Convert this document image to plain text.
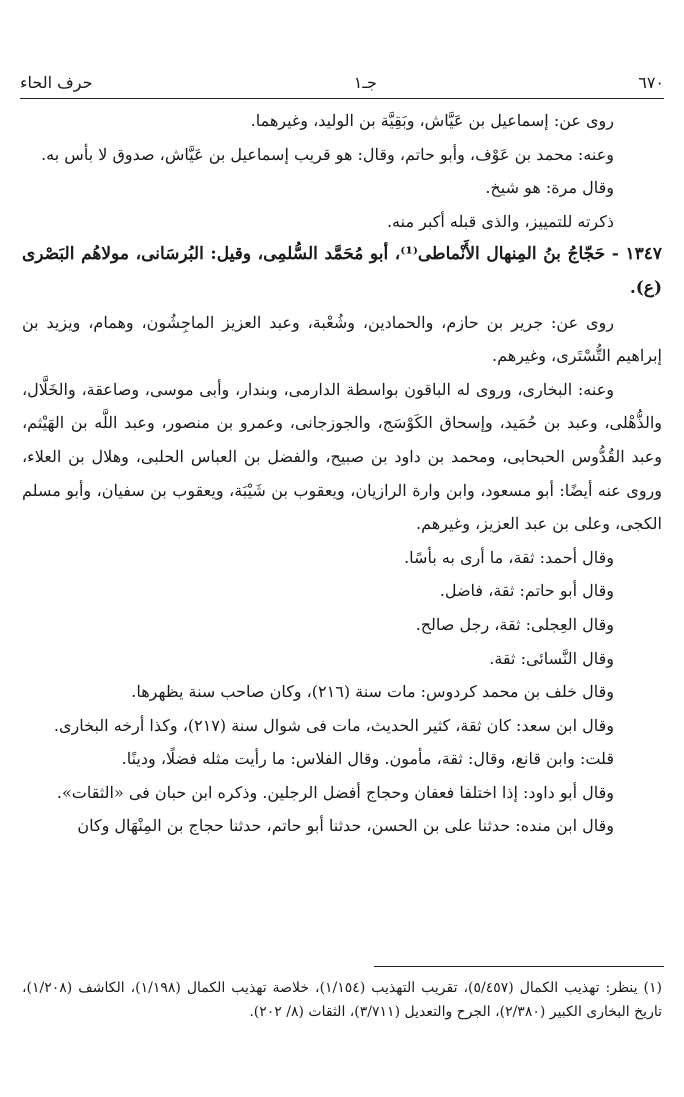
٦٧٠
جـ١
حرف الحاء

روى عن: إسماعيل بن عَيَّاش، وبَقِيَّة بن الوليد، وغيرهما.

وعنه: محمد بن عَوْف، وأبو حاتم، وقال: هو قريب إسماعيل بن عَيَّاش، صدوق لا بأس به.

وقال مرة: هو شيخ.

ذكرته للتمييز، والذى قبله أكبر منه.

١٣٤٧ - حَجّاجُ بنُ المِنهال الأَنْماطى⁽¹⁾، أبو مُحَمَّد السُّلمِى، وقيل: البُرسَانى، مولاهُم البَصْرى (ع).

روى عن: جرير بن حازم، والحمادين، وشُعْبة، وعبد العزيز الماجِشُون، وهمام، ويزيد بن إبراهيم التُّسْتَرى، وغيرهم.

وعنه: البخارى، وروى له الباقون بواسطة الدارمى، وبندار، وأبى موسى، وصاعقة، والخَلَّال، والذُّهْلى، وعبد بن حُمَيد، وإسحاق الكَوْسَج، والجوزجانى، وعمرو بن منصور، وعبد اللَّه بن الهَيْثم، وعبد القُدُّوس الحبحابى، ومحمد بن داود بن صبيح، والفضل بن العباس الحلبى، وهلال بن العلاء، وروى عنه أيضًا: أبو مسعود، وابن وارة الرازيان، ويعقوب بن شَيْبَة، ويعقوب بن سفيان، وأبو مسلم الكجى، وعلى بن عبد العزيز، وغيرهم.

وقال أحمد: ثقة، ما أرى به بأسًا.

وقال أبو حاتم: ثقة، فاضل.

وقال العِجلى: ثقة، رجل صالح.

وقال النَّسائى: ثقة.

وقال خلف بن محمد كردوس: مات سنة (٢١٦)، وكان صاحب سنة يظهرها.

وقال ابن سعد: كان ثقة، كثير الحديث، مات فى شوال سنة (٢١٧)، وكذا أرخه البخارى.

قلت: وابن قانع، وقال: ثقة، مأمون. وقال الفلاس: ما رأيت مثله فضلًا، ودينًا.

وقال أبو داود: إذا اختلفا فعفان وحجاج أفضل الرجلين. وذكره ابن حبان فى «الثقات».

وقال ابن منده: حدثنا على بن الحسن، حدثنا أبو حاتم، حدثنا حجاج بن المِنْهَال وكان

(١) ينظر: تهذيب الكمال (٥/٤٥٧)، تقريب التهذيب (١/١٥٤)، خلاصة تهذيب الكمال (١/١٩٨)، الكاشف (١/٢٠٨)، تاريخ البخارى الكبير (٢/٣٨٠)، الجرح والتعديل (٣/٧١١)، الثقات (٨/ ٢٠٢).
